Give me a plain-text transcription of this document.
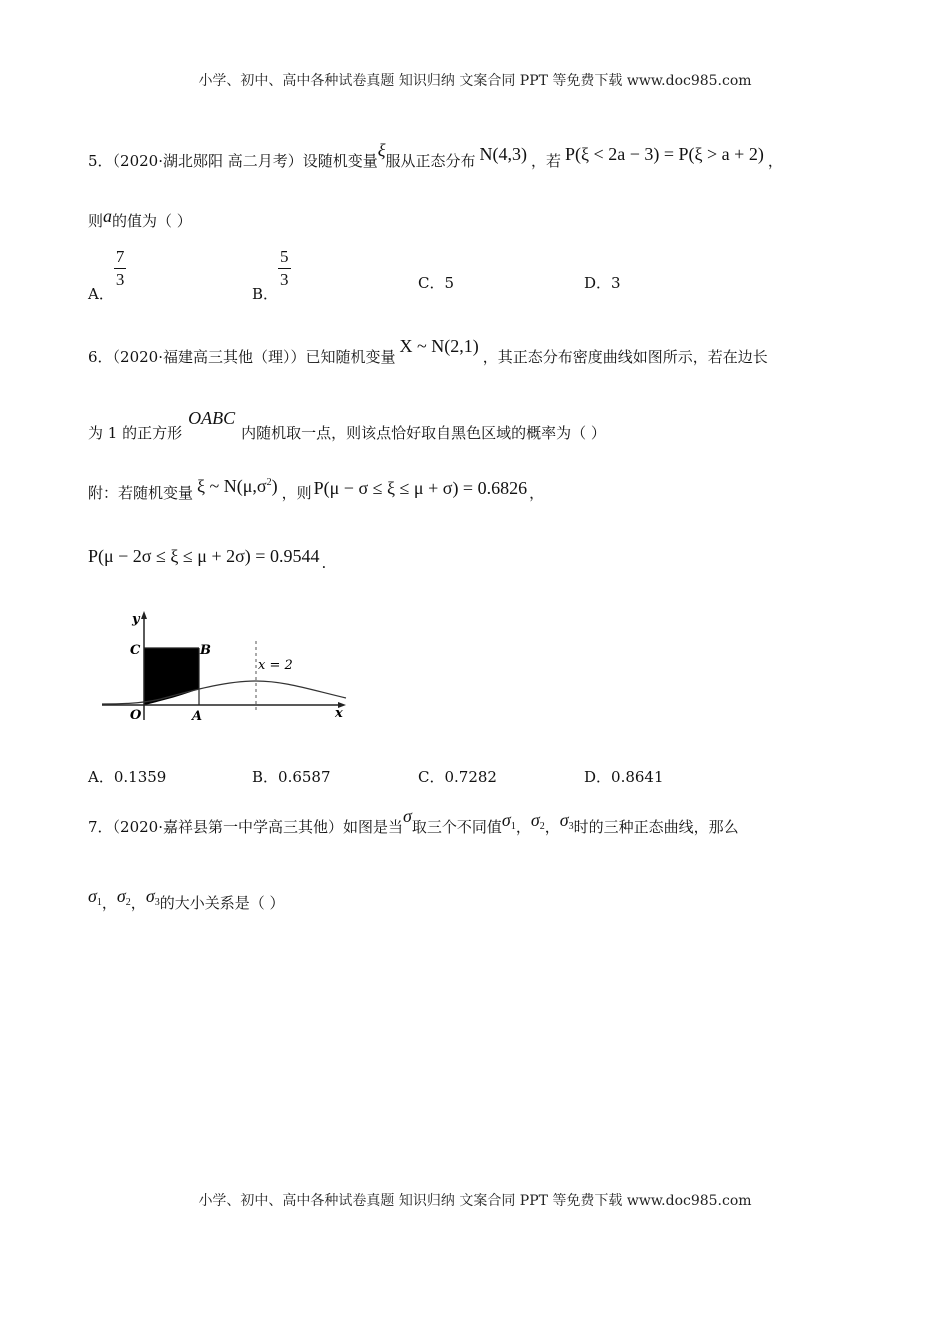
小学、初中、高中各种试卷真题 知识归纳 文案合同 PPT 等免费下载 www.doc985.com
小学、初中、高中各种试卷真题 知识归纳 文案合同 PPT 等免费下载 www.doc985.com
5．（2020·湖北郧阳 高二月考）设随机变量ξ服从正态分布 N(4,3) ，若 P(ξ < 2a − 3) = P(ξ > a + 2) ，
则a的值为（ ）
A．
$\frac{7}{3}$
B．
$\frac{5}{3}$	C．5	D．3
6．（2020·福建高三其他（理））已知随机变量X ~ N(2,1)，其正态分布密度曲线如图所示，若在边长
为 1 的正方形OABC内随机取一点，则该点恰好取自黑色区域的概率为（ ）
附：若随机变量 ξ ~ $N(\mu,\sigma^2)$ ，则 P(μ − σ ≤ ξ ≤ μ + σ) = 0.6826 ，
P(μ − 2σ ≤ ξ ≤ μ + 2σ) = 0.9544 .
x = 2
y
x
O	A
B
C
A．0.1359	B．0.6587	C．0.7282	D．0.8641
7．（2020·嘉祥县第一中学高三其他）如图是当σ取三个不同值$\sigma_1$，$\sigma_2$，$\sigma_3$时的三种正态曲线，那么
$\sigma_1$，$\sigma_2$，$\sigma_3$的大小关系是（ ）
